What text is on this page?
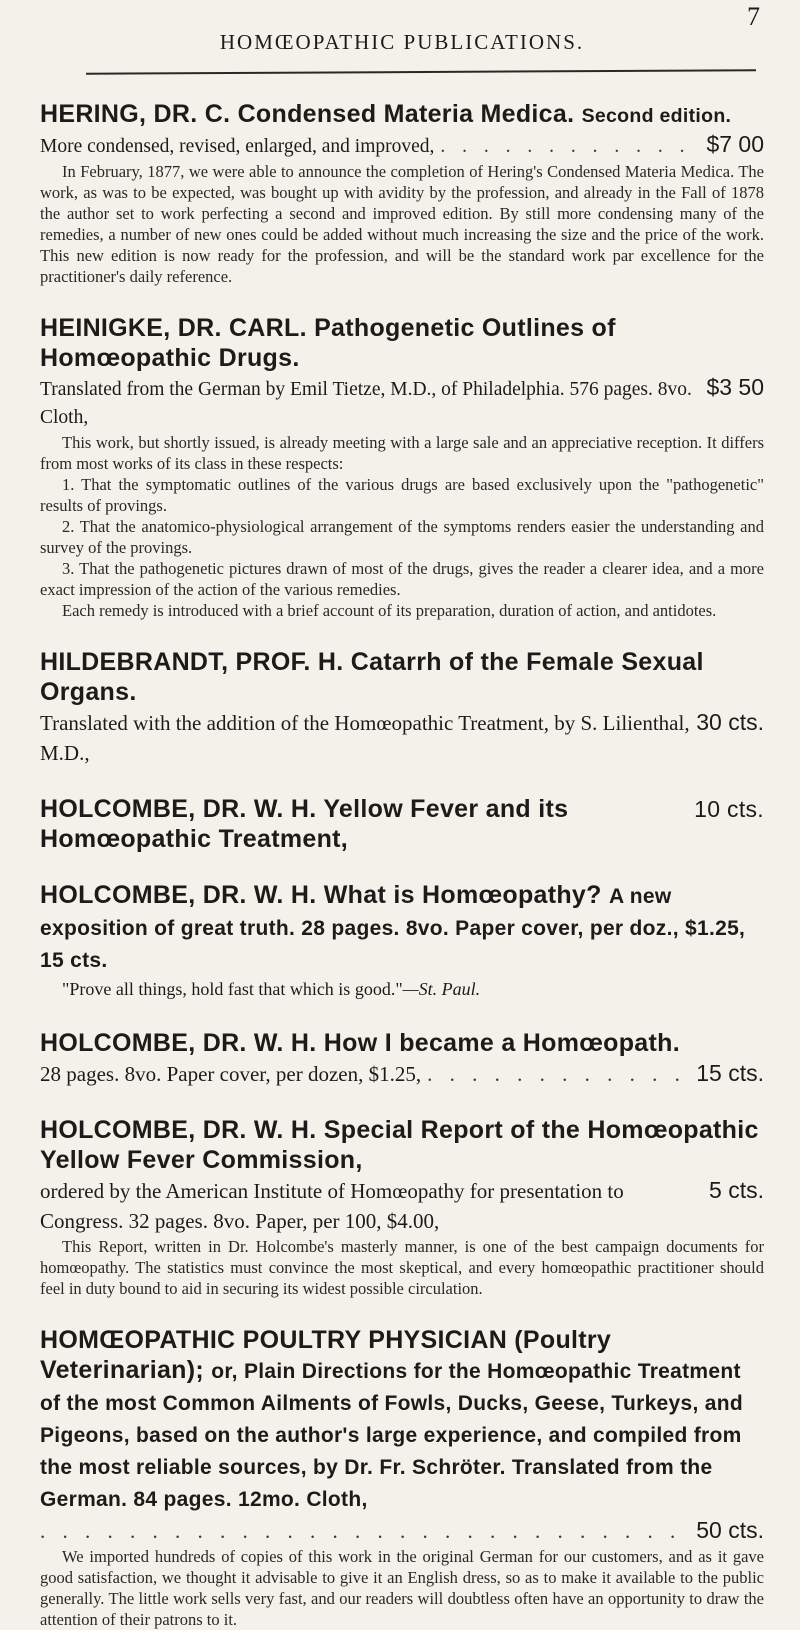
7
HOMŒOPATHIC PUBLICATIONS.
HERING, DR. C. Condensed Materia Medica. Second edition.
More condensed, revised, enlarged, and improved, . . .	$7 00

In February, 1877, we were able to announce the completion of Hering's Condensed Materia Medica. The work, as was to be expected, was bought up with avidity by the profession, and already in the Fall of 1878 the author set to work perfecting a second and improved edition. By still more condensing many of the remedies, a number of new ones could be added without much increasing the size and the price of the work. This new edition is now ready for the profession, and will be the standard work par excellence for the practitioner's daily reference.

HEINIGKE, DR. CARL. Pathogenetic Outlines of Homœopathic Drugs.
Translated from the German by Emil Tietze, M.D., of Philadelphia. 576 pages. 8vo. Cloth,
$3 50

This work, but shortly issued, is already meeting with a large sale and an appreciative reception. It differs from most works of its class in these respects:

1. That the symptomatic outlines of the various drugs are based exclusively upon the "pathogenetic" results of provings.

2. That the anatomico-physiological arrangement of the symptoms renders easier the understanding and survey of the provings.

3. That the pathogenetic pictures drawn of most of the drugs, gives the reader a clearer idea, and a more exact impression of the action of the various remedies.

Each remedy is introduced with a brief account of its preparation, duration of action, and antidotes.

HILDEBRANDT, PROF. H. Catarrh of the Female Sexual Organs.
Translated with the addition of the Homœopathic Treatment, by S. Lilienthal, M.D.,
30 cts.
HOLCOMBE, DR. W. H. Yellow Fever and its Homœopathic Treatment,
10 cts.
HOLCOMBE, DR. W. H. What is Homœopathy? A new exposition of great truth. 28 pages. 8vo. Paper cover, per doz., $1.25, 15 cts.
"Prove all things, hold fast that which is good."—St. Paul.
HOLCOMBE, DR. W. H. How I became a Homœopath.
28 pages. 8vo. Paper cover, per dozen, $1.25, . . .	15 cts.
HOLCOMBE, DR. W. H. Special Report of the Homœopathic Yellow Fever Commission,
ordered by the American Institute of Homœopathy for presentation to Congress. 32 pages. 8vo. Paper, per 100, $4.00,
5 cts.

This Report, written in Dr. Holcombe's masterly manner, is one of the best campaign documents for homœopathy. The statistics must convince the most skeptical, and every homœopathic practitioner should feel in duty bound to aid in securing its widest possible circulation.

HOMŒOPATHIC POULTRY PHYSICIAN (Poultry Veterinarian); or, Plain Directions for the Homœopathic Treatment of the most Common Ailments of Fowls, Ducks, Geese, Turkeys, and Pigeons, based on the author's large experience, and compiled from the most reliable sources, by Dr. Fr. Schröter. Translated from the German. 84 pages. 12mo. Cloth,
. . .
50 cts.

We imported hundreds of copies of this work in the original German for our customers, and as it gave good satisfaction, we thought it advisable to give it an English dress, so as to make it available to the public generally. The little work sells very fast, and our readers will doubtless often have an opportunity to draw the attention of their patrons to it.
